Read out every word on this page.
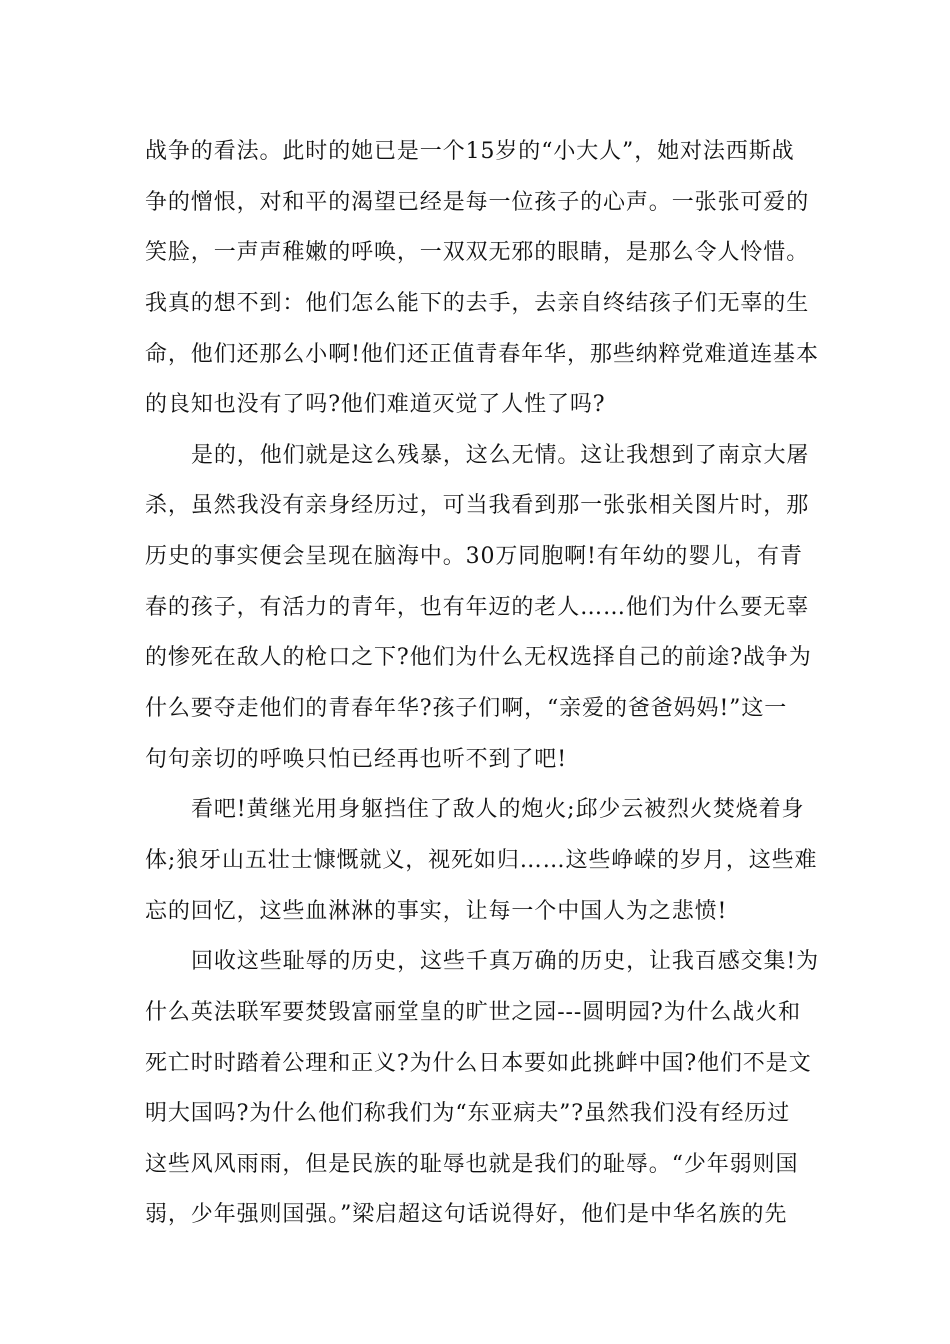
战争的看法。此时的她已是一个15岁的“小大人”，她对法西斯战
争的憎恨，对和平的渴望已经是每一位孩子的心声。一张张可爱的
笑脸，一声声稚嫩的呼唤，一双双无邪的眼睛，是那么令人怜惜。
我真的想不到：他们怎么能下的去手，去亲自终结孩子们无辜的生
命，他们还那么小啊!他们还正值青春年华，那些纳粹党难道连基本
的良知也没有了吗?他们难道灭觉了人性了吗?
是的，他们就是这么残暴，这么无情。这让我想到了南京大屠
杀，虽然我没有亲身经历过，可当我看到那一张张相关图片时，那
历史的事实便会呈现在脑海中。30万同胞啊!有年幼的婴儿，有青
春的孩子，有活力的青年，也有年迈的老人……他们为什么要无辜
的惨死在敌人的枪口之下?他们为什么无权选择自己的前途?战争为
什么要夺走他们的青春年华?孩子们啊，“亲爱的爸爸妈妈!”这一
句句亲切的呼唤只怕已经再也听不到了吧!
看吧!黄继光用身躯挡住了敌人的炮火;邱少云被烈火焚烧着身
体;狼牙山五壮士慷慨就义，视死如归……这些峥嵘的岁月，这些难
忘的回忆，这些血淋淋的事实，让每一个中国人为之悲愤!
回收这些耻辱的历史，这些千真万确的历史，让我百感交集!为
什么英法联军要焚毁富丽堂皇的旷世之园---圆明园?为什么战火和
死亡时时踏着公理和正义?为什么日本要如此挑衅中国?他们不是文
明大国吗?为什么他们称我们为“东亚病夫”?虽然我们没有经历过
这些风风雨雨，但是民族的耻辱也就是我们的耻辱。“少年弱则国
弱，少年强则国强。”梁启超这句话说得好，他们是中华名族的先
